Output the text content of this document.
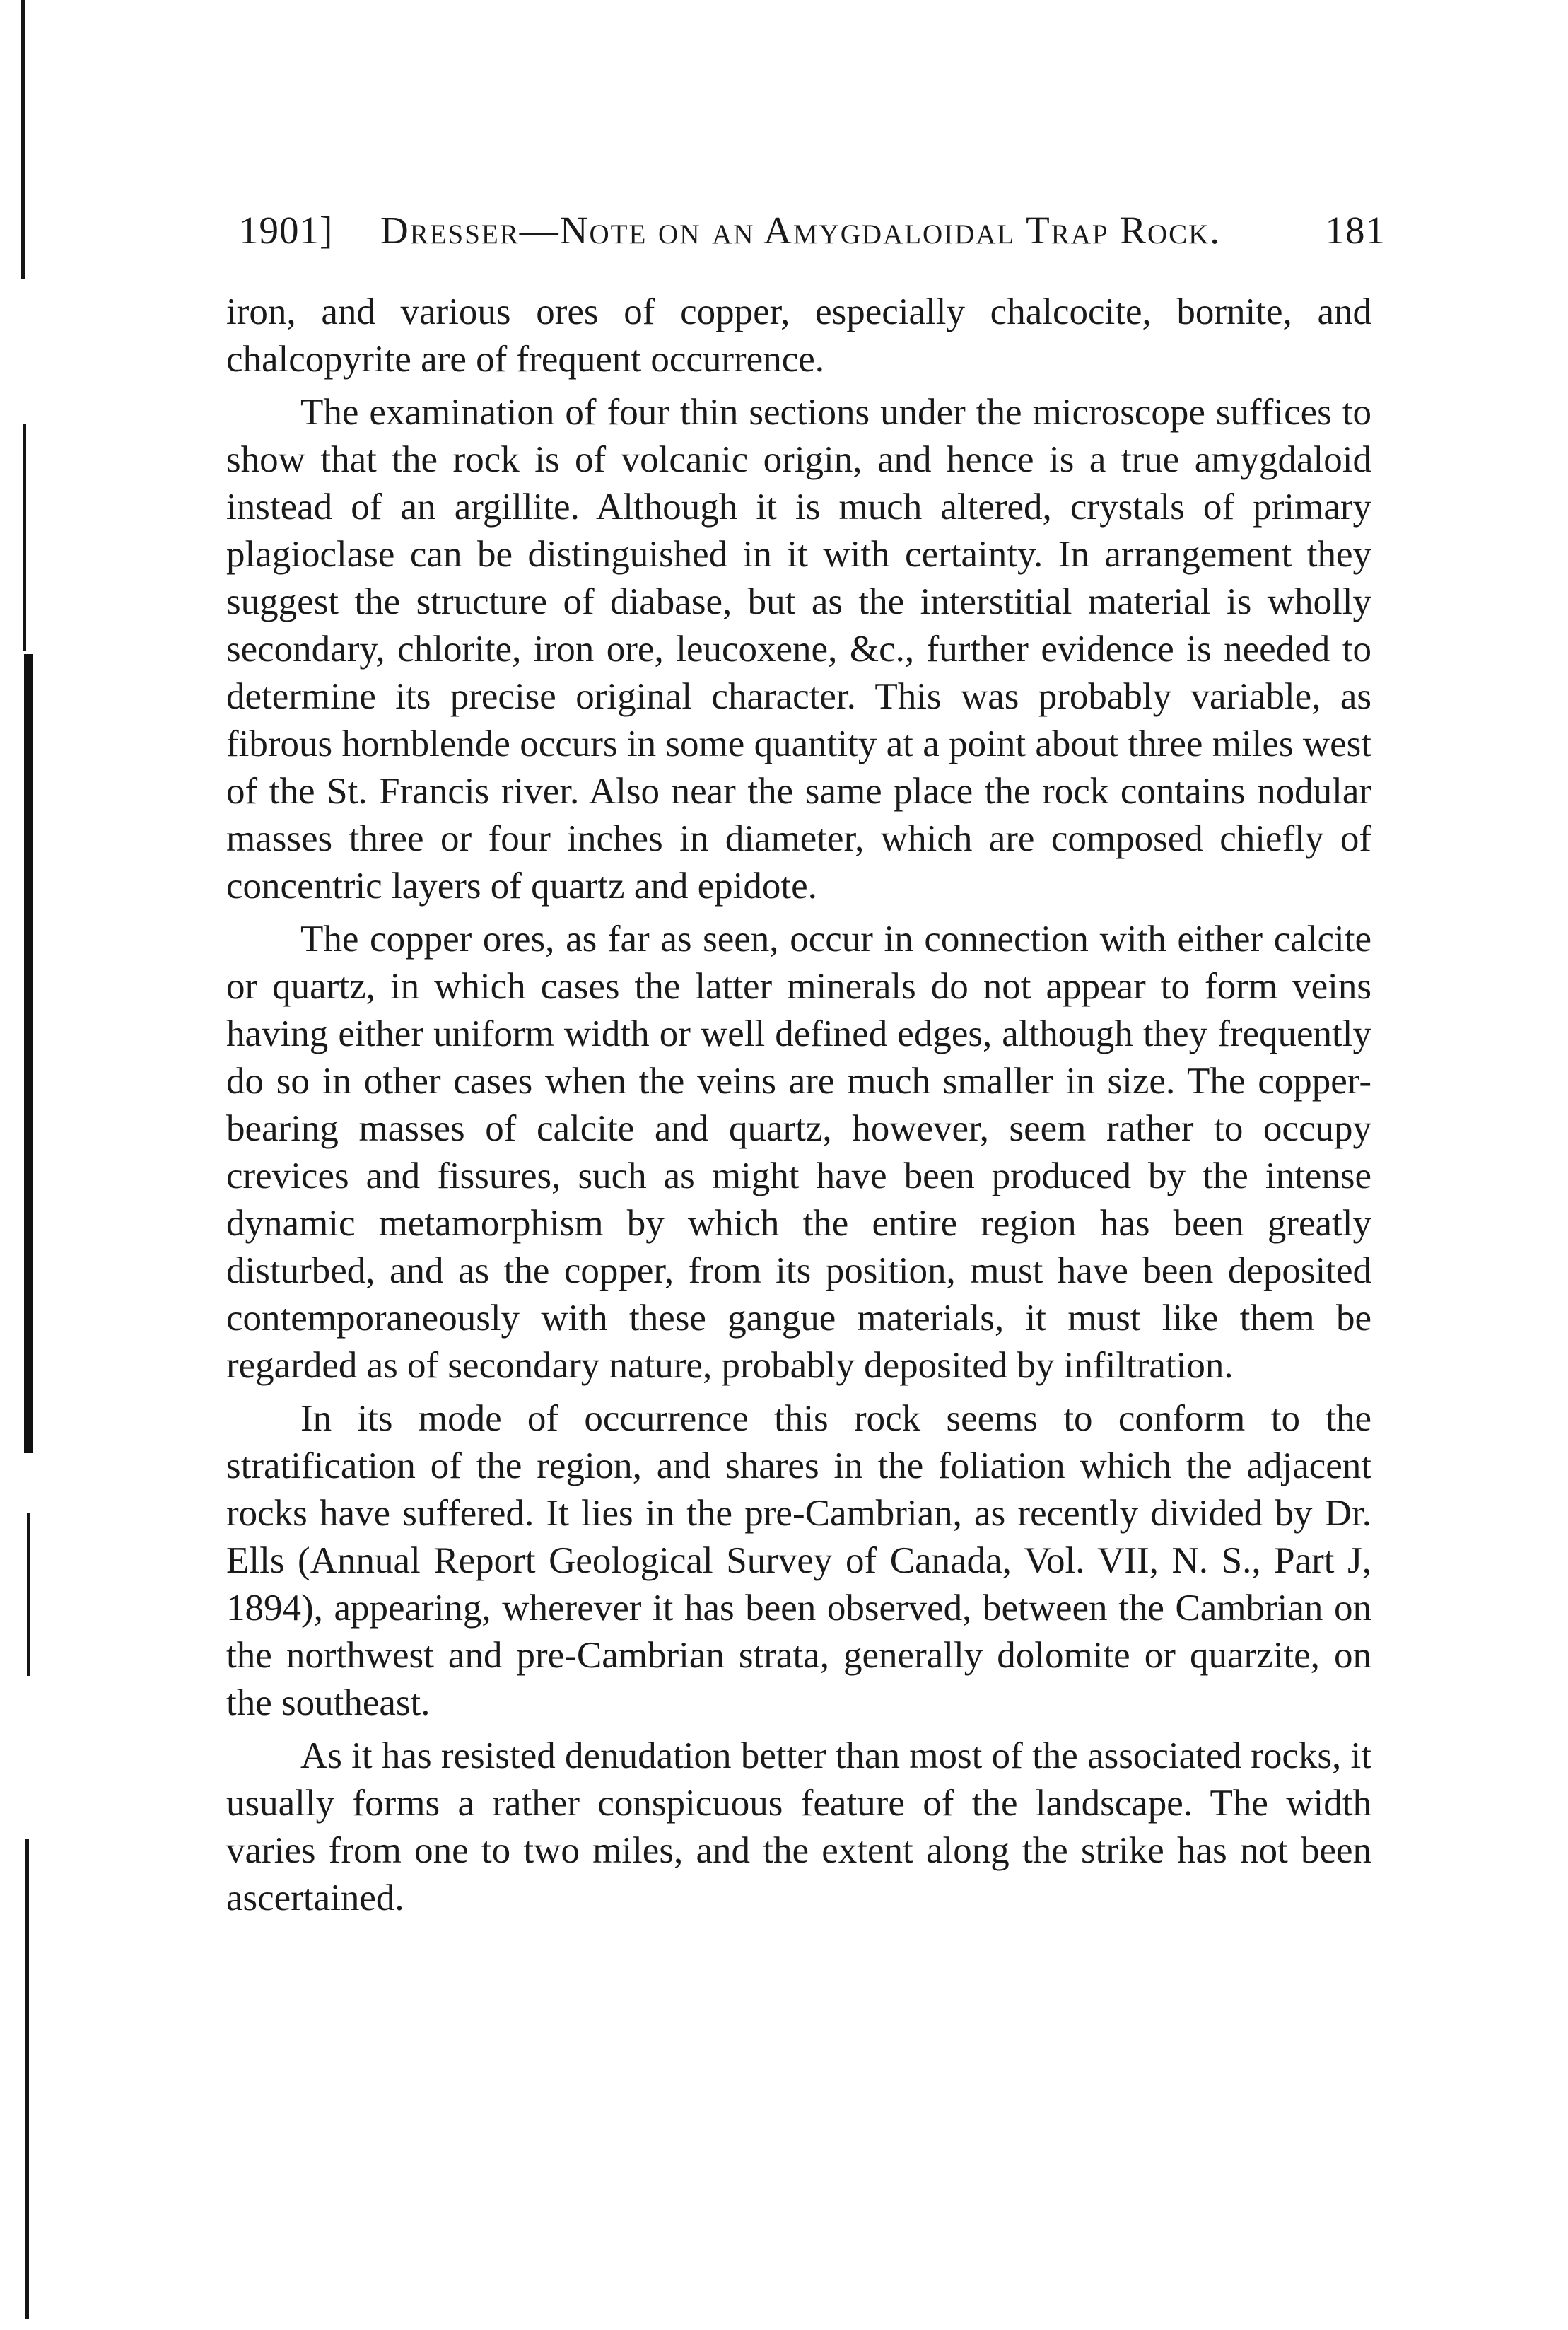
1901] Dresser—Note on an Amygdaloidal Trap Rock.	181

iron, and various ores of copper, especially chalcocite, bornite, and chalcopyrite are of frequent occurrence.

The examination of four thin sections under the microscope suffices to show that the rock is of volcanic origin, and hence is a true amygdaloid instead of an argillite. Although it is much altered, crystals of primary plagioclase can be distinguished in it with certainty. In arrangement they suggest the structure of diabase, but as the interstitial material is wholly secondary, chlorite, iron ore, leucoxene, &c., further evidence is needed to determine its precise original character. This was probably variable, as fibrous hornblende occurs in some quantity at a point about three miles west of the St. Francis river. Also near the same place the rock contains nodular masses three or four inches in diameter, which are composed chiefly of concentric layers of quartz and epidote.

The copper ores, as far as seen, occur in connection with either calcite or quartz, in which cases the latter minerals do not appear to form veins having either uniform width or well defined edges, although they frequently do so in other cases when the veins are much smaller in size. The copper-bearing masses of calcite and quartz, however, seem rather to occupy crevices and fissures, such as might have been produced by the intense dynamic metamorphism by which the entire region has been greatly disturbed, and as the copper, from its position, must have been deposited contemporaneously with these gangue materials, it must like them be regarded as of secondary nature, probably deposited by infiltration.

In its mode of occurrence this rock seems to conform to the stratification of the region, and shares in the foliation which the adjacent rocks have suffered. It lies in the pre-Cambrian, as recently divided by Dr. Ells (Annual Report Geological Survey of Canada, Vol. VII, N. S., Part J, 1894), appearing, wherever it has been observed, between the Cambrian on the northwest and pre-Cambrian strata, generally dolomite or quarzite, on the southeast.

As it has resisted denudation better than most of the associated rocks, it usually forms a rather conspicuous feature of the landscape. The width varies from one to two miles, and the extent along the strike has not been ascertained.
